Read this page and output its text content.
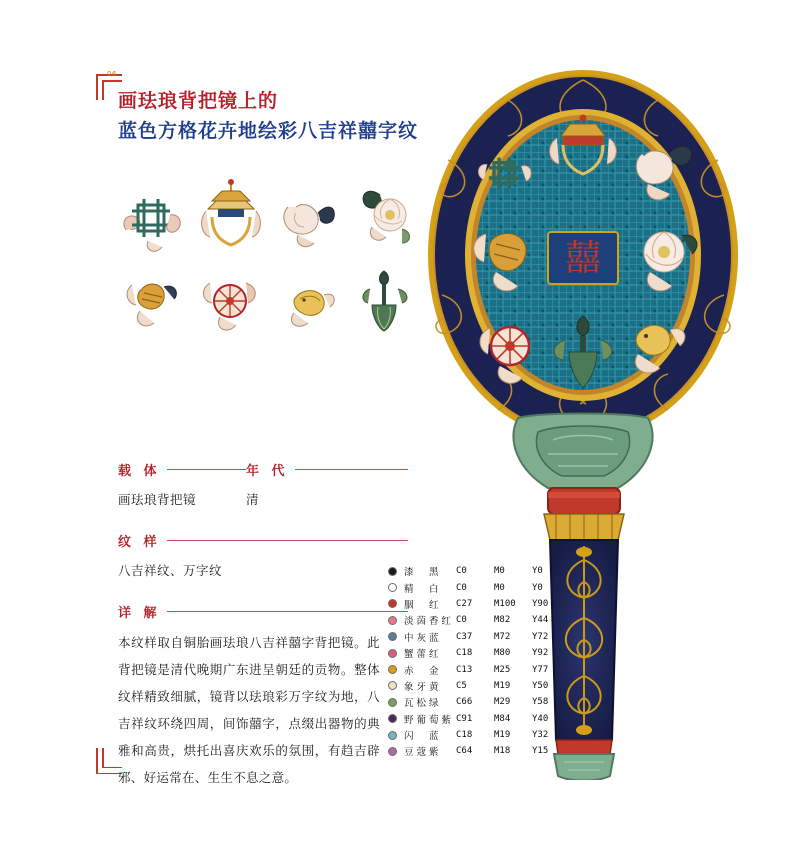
06
画珐琅背把镜上的
蓝色方格花卉地绘彩八吉祥囍字纹
载 体
画珐琅背把镜
年 代
清
纹 样
八吉祥纹、万字纹
详 解
本纹样取自铜胎画珐琅八吉祥囍字背把镜。此背把镜是清代晚期广东进呈朝廷的贡物。整体纹样精致细腻，镜背以珐琅彩万字纹为地，八吉祥纹环绕四周，间饰囍字，点缀出器物的典雅和高贵，烘托出喜庆欢乐的氛围，有趋吉辟邪、好运常在、生生不息之意。
漆　黑	C0	M0	Y0
精　白	C0	M0	Y0
胭　红	C27	M100	Y90
淡茵香红 C0	M82	Y44
中灰蓝	C37	M72	Y72
蟹蕾红	C18	M80	Y92
赤　金	C13	M25	Y77
象牙黄	C5	M19	Y50
瓦松绿	C66	M29	Y58
野葡萄紫 C91	M84	Y40
闪　蓝	C18	M19	Y32
豆蔻紫	C64	M18	Y15
囍
